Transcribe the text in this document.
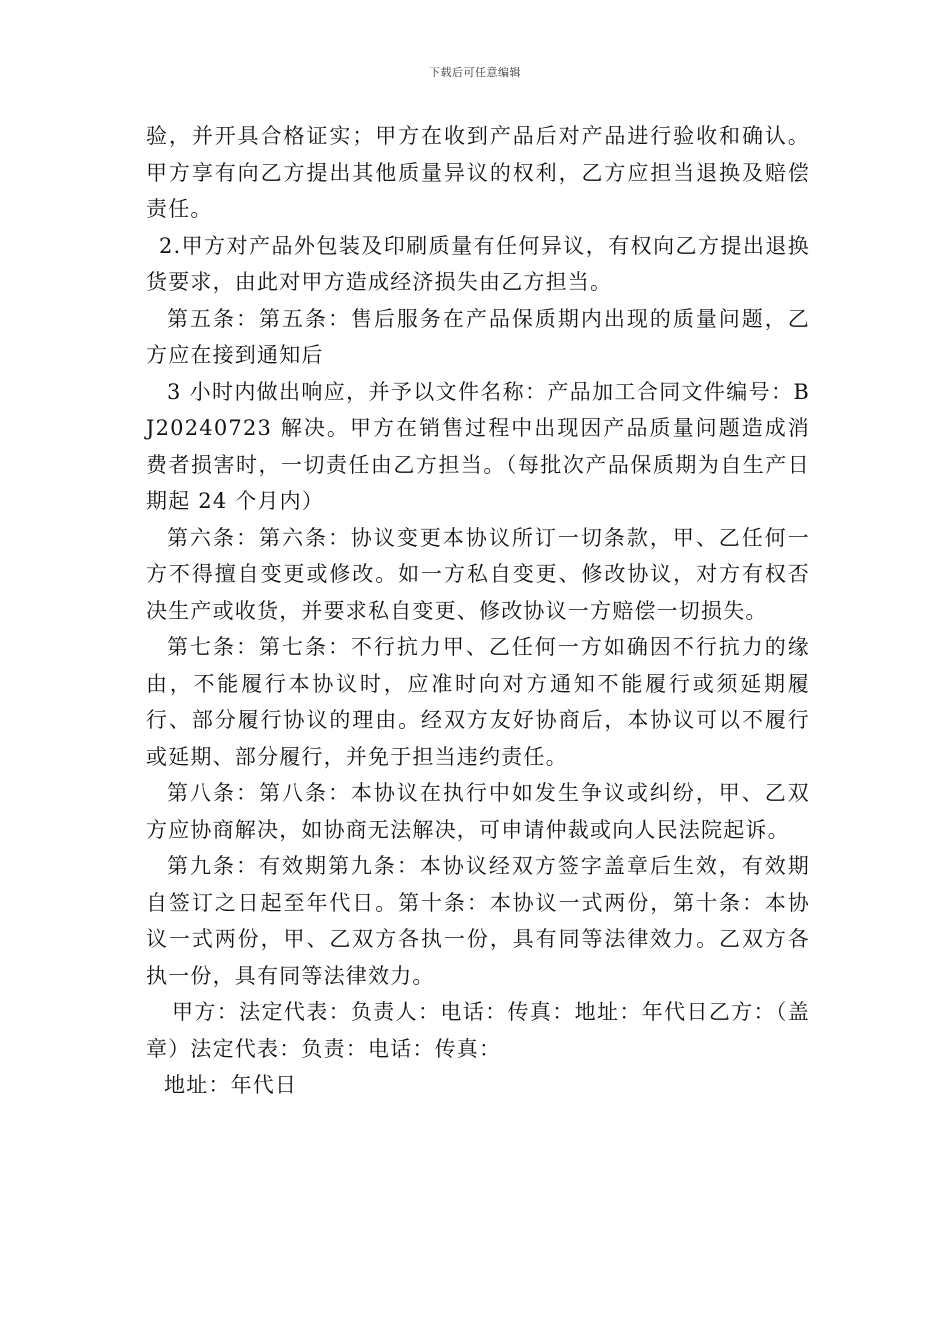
下载后可任意编辑

验，并开具合格证实；甲方在收到产品后对产品进行验收和确认。甲方享有向乙方提出其他质量异议的权利，乙方应担当退换及赔偿责任。

2.甲方对产品外包装及印刷质量有任何异议，有权向乙方提出退换货要求，由此对甲方造成经济损失由乙方担当。

第五条：第五条：售后服务在产品保质期内出现的质量问题，乙方应在接到通知后

3 小时内做出响应，并予以文件名称：产品加工合同文件编号：BJ20240723 解决。甲方在销售过程中出现因产品质量问题造成消费者损害时，一切责任由乙方担当。（每批次产品保质期为自生产日期起 24 个月内）

第六条：第六条：协议变更本协议所订一切条款，甲、乙任何一方不得擅自变更或修改。如一方私自变更、修改协议，对方有权否决生产或收货，并要求私自变更、修改协议一方赔偿一切损失。

第七条：第七条：不行抗力甲、乙任何一方如确因不行抗力的缘由，不能履行本协议时，应准时向对方通知不能履行或须延期履行、部分履行协议的理由。经双方友好协商后，本协议可以不履行或延期、部分履行，并免于担当违约责任。

第八条：第八条：本协议在执行中如发生争议或纠纷，甲、乙双方应协商解决，如协商无法解决，可申请仲裁或向人民法院起诉。

第九条：有效期第九条：本协议经双方签字盖章后生效，有效期自签订之日起至年代日。第十条：本协议一式两份，第十条：本协议一式两份，甲、乙双方各执一份，具有同等法律效力。乙双方各执一份，具有同等法律效力。

甲方：法定代表：负责人：电话：传真：地址：年代日乙方：（盖章）法定代表：负责：电话：传真：

地址：年代日
